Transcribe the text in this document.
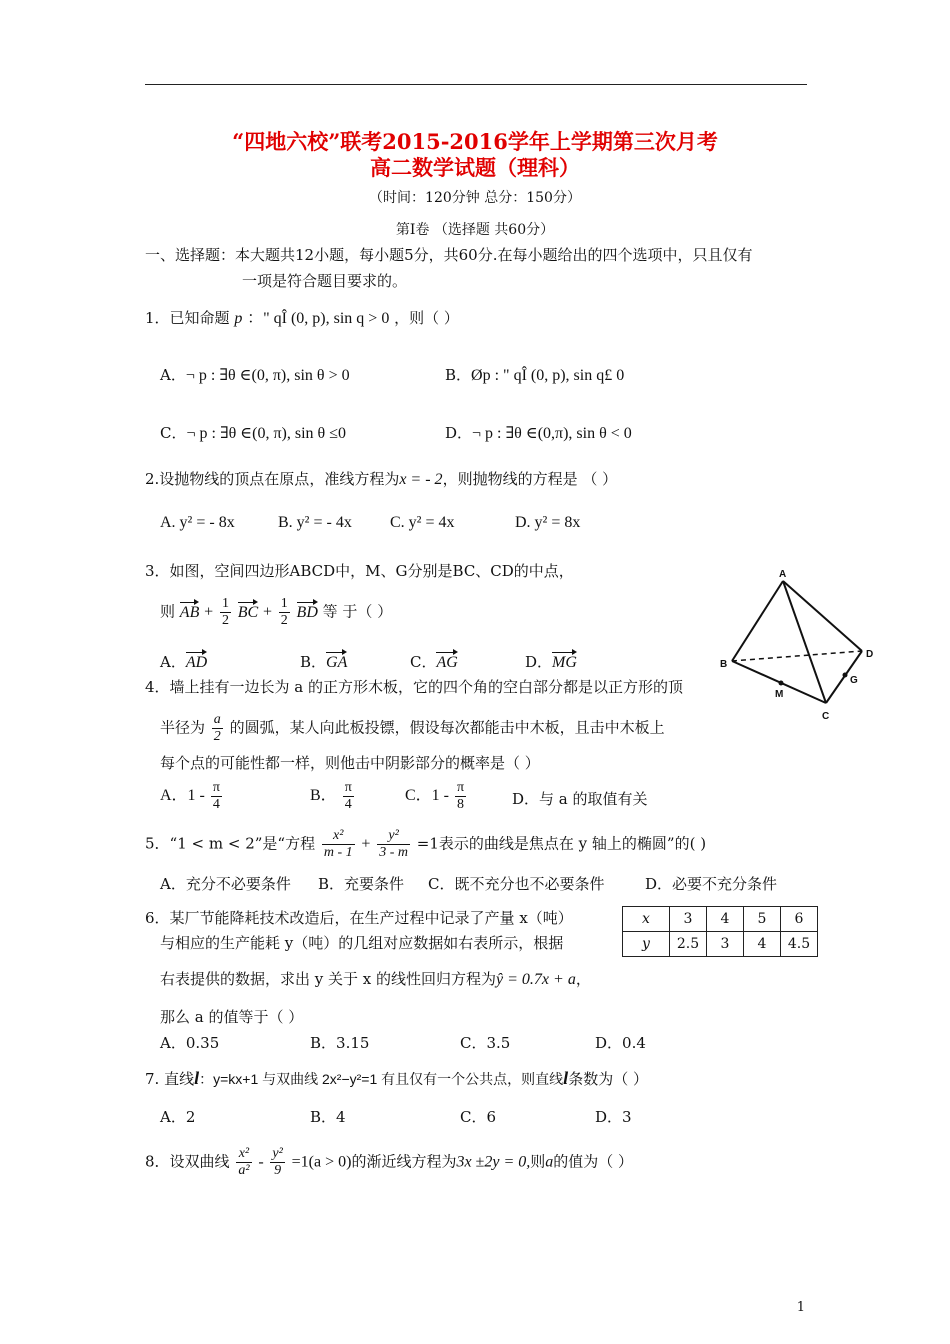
“四地六校”联考2015-2016学年上学期第三次月考
高二数学试题（理科）
（时间：120分钟 总分：150分）
第Ⅰ卷 （选择题 共60分）
一、选择题：本大题共12小题，每小题5分，共60分.在每小题给出的四个选项中，只且仅有
一项是符合题目要求的。
1．已知命题 p ：" qÎ (0, p), sin q > 0 ，则（ ）
A．¬ p : ∃θ ∈(0, π), sin θ > 0	B．Øp : " qÎ (0, p), sin q£ 0
C．¬ p : ∃θ ∈(0, π), sin θ ≤0	D．¬ p : ∃θ ∈(0,π), sin θ < 0
2.设抛物线的顶点在原点，准线方程为x = - 2，则抛物线的方程是 （ ）
A. y² = - 8x	B. y² = - 4x C. y² = 4x	D. y² = 8x
3．如图，空间四边形ABCD中，M、G分别是BC、CD的中点，
则 AB + $\frac{1}{2}$ BC + $\frac{1}{2}$ BD 等 于（ ）
A．AD	B．GA	C．AG	D．MG
A
B
C
D
M
G
4．墙上挂有一边长为 a 的正方形木板，它的四个角的空白部分都是以正方形的顶
半径为 $\frac{a}{2}$ 的圆弧，某人向此板投镖，假设每次都能击中木板，且击中木板上
每个点的可能性都一样，则他击中阴影部分的概率是（ ）
A．$1 - \frac{\pi}{4}$	B． $\frac{\pi}{4}$	C．$1 - \frac{\pi}{8}$	D．与 a 的取值有关
5．“1 < m < 2”是“方程 $\frac{\text{x²}}{m - 1} + \frac{\text{y²}}{3 - m} =1$表示的曲线是焦点在 y 轴上的椭圆”的( )
A．充分不必要条件 B．充要条件 C．既不充分也不必要条件	D．必要不充分条件
6．某厂节能降耗技术改造后，在生产过程中记录了产量 x（吨）
与相应的生产能耗 y（吨）的几组对应数据如右表所示，根据
右表提供的数据，求出 y 关于 x 的线性回归方程为ŷ = 0.7x + a，
那么 a 的值等于（ ）
x	3	4	5	6
y	2.5	3	4	4.5
A．0.35	B．3.15	C．3.5	D．0.4
7. 直线l：y=kx+1 与双曲线 2x²−y²=1 有且仅有一个公共点，则直线l条数为（ ）
A．2	B．4	C．6	D．3
8．设双曲线 $\frac{\text{x²}}{\text{a²}} - \frac{\text{y²}}{9} =1(a > 0)$的渐近线方程为3x ±2y = 0,则a的值为（ ）
1
